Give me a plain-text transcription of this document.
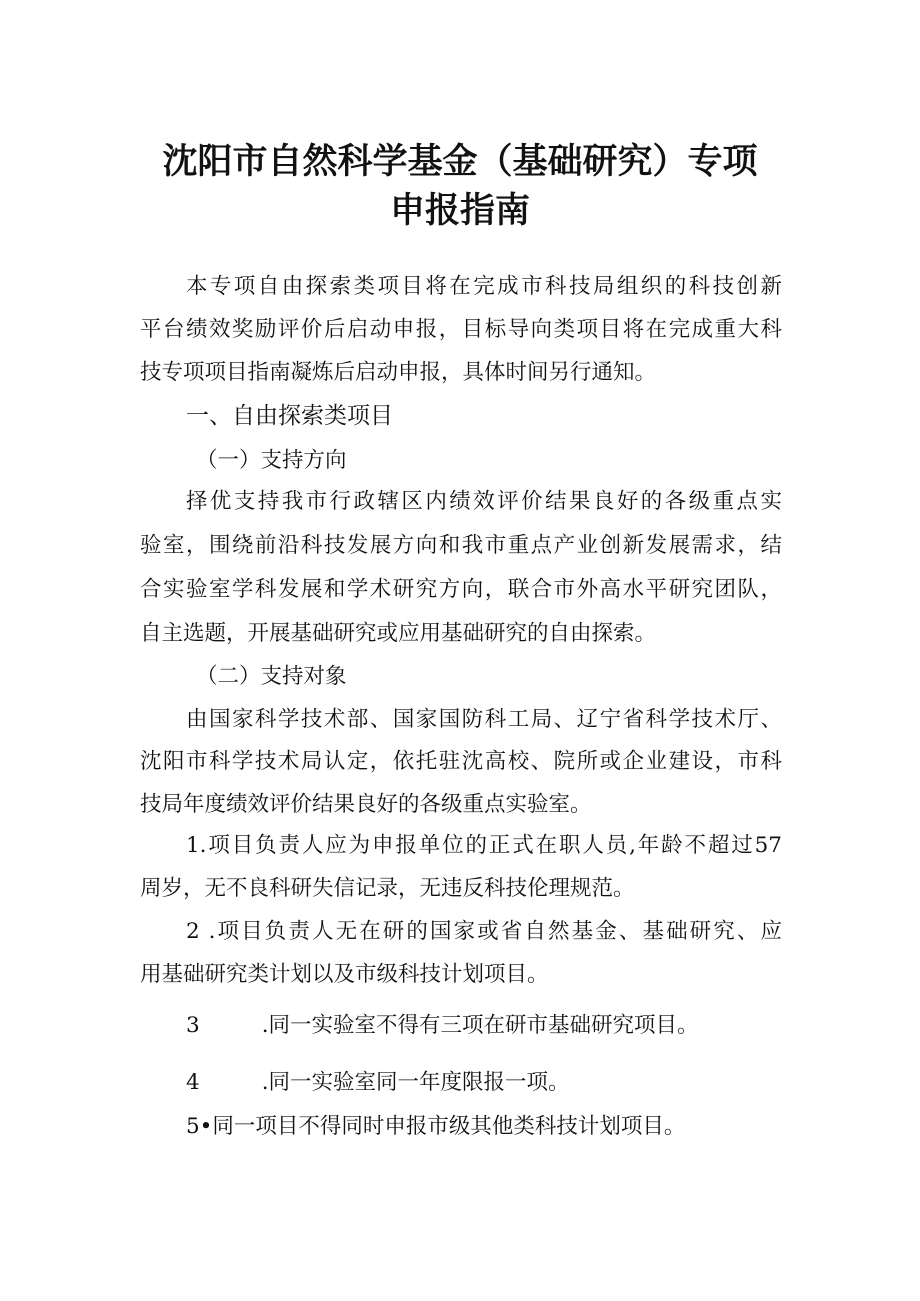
沈阳市自然科学基金（基础研究）专项
申报指南

本专项自由探索类项目将在完成市科技局组织的科技创新

平台绩效奖励评价后启动申报，目标导向类项目将在完成重大科

技专项项目指南凝炼后启动申报，具体时间另行通知。

一、自由探索类项目

（一）支持方向

择优支持我市行政辖区内绩效评价结果良好的各级重点实

验室，围绕前沿科技发展方向和我市重点产业创新发展需求，结

合实验室学科发展和学术研究方向，联合市外高水平研究团队，

自主选题，开展基础研究或应用基础研究的自由探索。

（二）支持对象

由国家科学技术部、国家国防科工局、辽宁省科学技术厅、

沈阳市科学技术局认定，依托驻沈高校、院所或企业建设，市科

技局年度绩效评价结果良好的各级重点实验室。

1.项目负责人应为申报单位的正式在职人员,年龄不超过57

周岁，无不良科研失信记录，无违反科技伦理规范。

2 .项目负责人无在研的国家或省自然基金、基础研究、应

用基础研究类计划以及市级科技计划项目。

3	.同一实验室不得有三项在研市基础研究项目。

4	.同一实验室同一年度限报一项。

5•同一项目不得同时申报市级其他类科技计划项目。
